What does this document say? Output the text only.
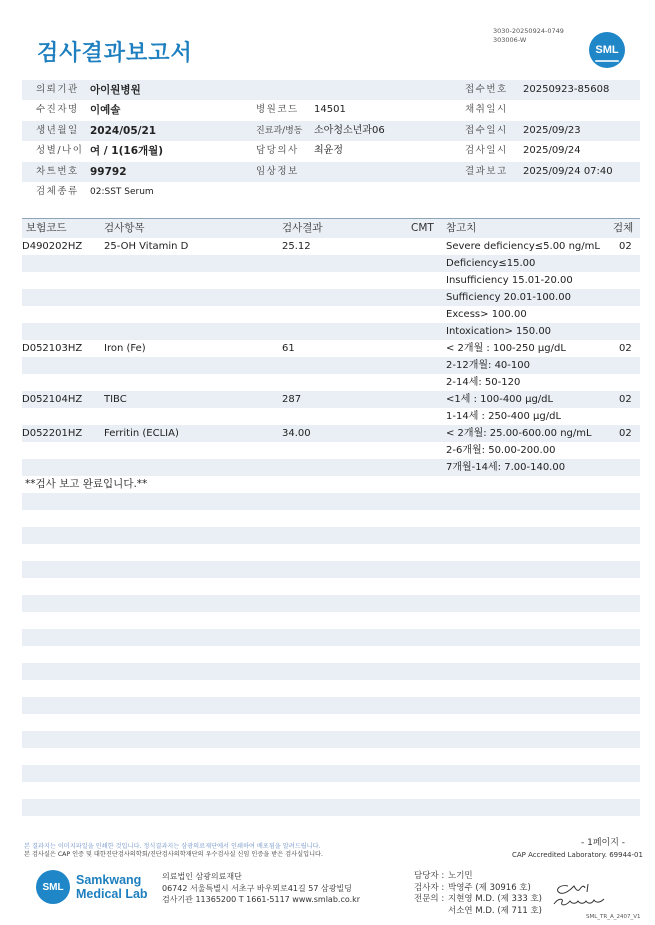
검사결과보고서
3030-20250924-0749
303006-W
SML
의뢰기관 아이원병원	접수번호 20250923-85608
수진자명 이예솔	병원코드 14501	채취일시
생년월일 2024/05/21	진료과/병동 소아청소년과06	접수일시 2025/09/23
성별/나이 여 / 1(16개월)	담당의사 최윤정	검사일시 2025/09/24
차트번호 99792	임상정보	결과보고 2025/09/24 07:40
검체종류 02:SST Serum
보험코드	검사항목	검사결과	CMT 참고치	검체
D490202HZ 25-OH Vitamin D	25.12	Severe deficiency≤5.00 ng/mL 02
Deficiency≤15.00
Insufficiency 15.01-20.00
Sufficiency 20.01-100.00
Excess> 100.00
Intoxication> 150.00
D052103HZ Iron (Fe)	61	< 2개월 : 100-250 μg/dL	02
2-12개월: 40-100
2-14세: 50-120
D052104HZ TIBC	287	<1세 : 100-400 μg/dL	02
1-14세 : 250-400 μg/dL
D052201HZ Ferritin (ECLIA)	34.00	< 2개월: 25.00-600.00 ng/mL	02
2-6개월: 50.00-200.00
7개월-14세: 7.00-140.00
**검사 보고 완료입니다.**
본 결과지는 이미지파일을 인쇄한 것입니다. 정식결과지는 삼광의료재단에서 인쇄하여 배포됨을 알려드립니다.
본 검사실은 CAP 인증 및 대한진단검사의학회/진단검사의학재단의 우수검사실 신임 인증을 받은 검사실입니다.
- 1페이지 -
CAP Accredited Laboratory. 69944-01
SML Samkwang
Medical Lab
의료법인 삼광의료재단
06742 서울특별시 서초구 바우뫼로41길 57 삼광빌딩
검사기관 11365200 T 1661-5117 www.smlab.co.kr
담당자 : 노기민
검사자 : 박영주 (제 30916 호)
전문의 : 지현영 M.D. (제 333 호)
서소연 M.D. (제 711 호)
SML_TR_A_2407_V1
